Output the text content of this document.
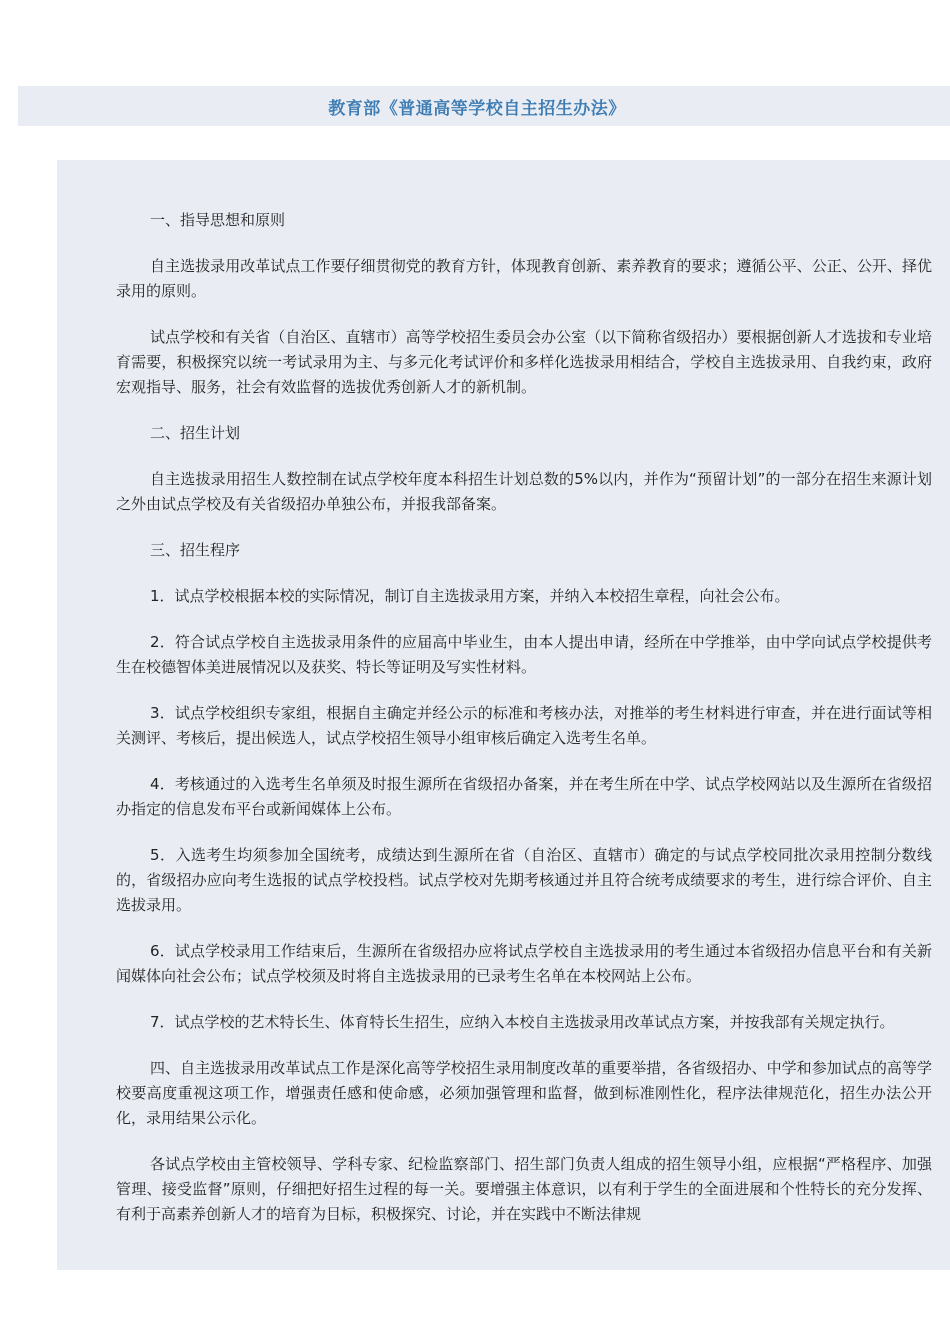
教育部《普通高等学校自主招生办法》

一、指导思想和原则

自主选拔录用改革试点工作要仔细贯彻党的教育方针，体现教育创新、素养教育的要求；遵循公平、公正、公开、择优录用的原则。

试点学校和有关省（自治区、直辖市）高等学校招生委员会办公室（以下简称省级招办）要根据创新人才选拔和专业培育需要，积极探究以统一考试录用为主、与多元化考试评价和多样化选拔录用相结合，学校自主选拔录用、自我约束，政府宏观指导、服务，社会有效监督的选拔优秀创新人才的新机制。

二、招生计划

自主选拔录用招生人数控制在试点学校年度本科招生计划总数的5%以内，并作为“预留计划”的一部分在招生来源计划之外由试点学校及有关省级招办单独公布，并报我部备案。

三、招生程序

1．试点学校根据本校的实际情况，制订自主选拔录用方案，并纳入本校招生章程，向社会公布。

2．符合试点学校自主选拔录用条件的应届高中毕业生，由本人提出申请，经所在中学推举，由中学向试点学校提供考生在校德智体美进展情况以及获奖、特长等证明及写实性材料。

3．试点学校组织专家组，根据自主确定并经公示的标准和考核办法，对推举的考生材料进行审查，并在进行面试等相关测评、考核后，提出候选人，试点学校招生领导小组审核后确定入选考生名单。

4．考核通过的入选考生名单须及时报生源所在省级招办备案，并在考生所在中学、试点学校网站以及生源所在省级招办指定的信息发布平台或新闻媒体上公布。

5．入选考生均须参加全国统考，成绩达到生源所在省（自治区、直辖市）确定的与试点学校同批次录用控制分数线的，省级招办应向考生选报的试点学校投档。试点学校对先期考核通过并且符合统考成绩要求的考生，进行综合评价、自主选拔录用。

6．试点学校录用工作结束后，生源所在省级招办应将试点学校自主选拔录用的考生通过本省级招办信息平台和有关新闻媒体向社会公布；试点学校须及时将自主选拔录用的已录考生名单在本校网站上公布。

7．试点学校的艺术特长生、体育特长生招生，应纳入本校自主选拔录用改革试点方案，并按我部有关规定执行。

四、自主选拔录用改革试点工作是深化高等学校招生录用制度改革的重要举措，各省级招办、中学和参加试点的高等学校要高度重视这项工作，增强责任感和使命感，必须加强管理和监督，做到标准刚性化，程序法律规范化，招生办法公开化，录用结果公示化。

各试点学校由主管校领导、学科专家、纪检监察部门、招生部门负责人组成的招生领导小组，应根据“严格程序、加强管理、接受监督”原则，仔细把好招生过程的每一关。要增强主体意识，以有利于学生的全面进展和个性特长的充分发挥、有利于高素养创新人才的培育为目标，积极探究、讨论，并在实践中不断法律规
